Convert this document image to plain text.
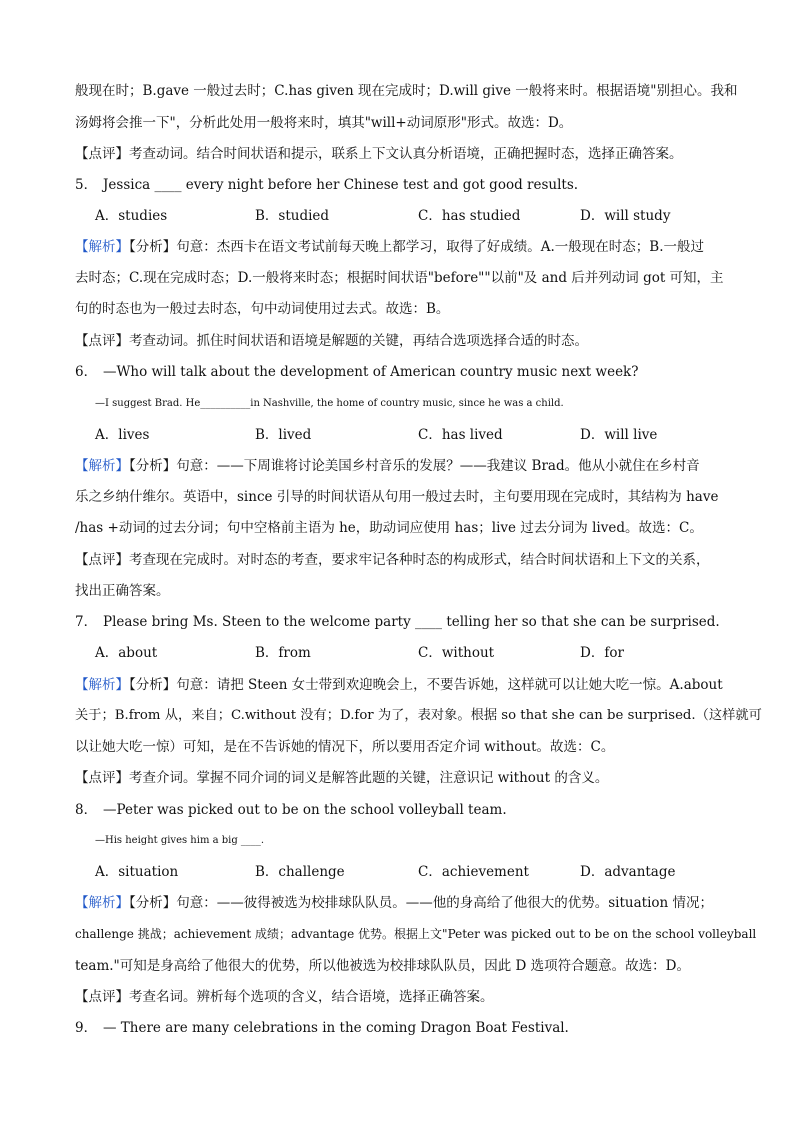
般现在时；B.gave 一般过去时；C.has given 现在完成时；D.will give 一般将来时。根据语境"别担心。我和
汤姆将会推一下"，分析此处用一般将来时，填其"will+动词原形"形式。故选：D。
【点评】考查动词。结合时间状语和提示，联系上下文认真分析语境，正确把握时态，选择正确答案。
5． Jessica ____ every night before her Chinese test and got good results.
A．studies	B．studied	C．has studied	D．will study
【解析】【分析】句意：杰西卡在语文考试前每天晚上都学习，取得了好成绩。A.一般现在时态；B.一般过
去时态；C.现在完成时态；D.一般将来时态；根据时间状语"before""以前"及 and 后并列动词 got 可知，主
句的时态也为一般过去时态，句中动词使用过去式。故选：B。
【点评】考查动词。抓住时间状语和语境是解题的关键，再结合选项选择合适的时态。
6． —Who will talk about the development of American country music next week?
—I suggest Brad. He__________in Nashville, the home of country music, since he was a child.
A．lives	B．lived	C．has lived	D．will live
【解析】【分析】句意：——下周谁将讨论美国乡村音乐的发展？——我建议 Brad。他从小就住在乡村音
乐之乡纳什维尔。英语中，since 引导的时间状语从句用一般过去时，主句要用现在完成时，其结构为 have
/has +动词的过去分词；句中空格前主语为 he，助动词应使用 has；live 过去分词为 lived。故选：C。
【点评】考查现在完成时。对时态的考查，要求牢记各种时态的构成形式，结合时间状语和上下文的关系，
找出正确答案。
7． Please bring Ms. Steen to the welcome party ____ telling her so that she can be surprised.
A．about	B．from	C．without	D．for
【解析】【分析】句意：请把 Steen 女士带到欢迎晚会上，不要告诉她，这样就可以让她大吃一惊。A.about
关于；B.from 从，来自；C.without 没有；D.for 为了，表对象。根据 so that she can be surprised.（这样就可
以让她大吃一惊）可知，是在不告诉她的情况下，所以要用否定介词 without。故选：C。
【点评】考查介词。掌握不同介词的词义是解答此题的关键，注意识记 without 的含义。
8． —Peter was picked out to be on the school volleyball team.
—His height gives him a big ____.
A．situation	B．challenge	C．achievement	D．advantage
【解析】【分析】句意：——彼得被选为校排球队队员。——他的身高给了他很大的优势。situation 情况；
challenge 挑战；achievement 成绩；advantage 优势。根据上文"Peter was picked out to be on the school volleyball
team."可知是身高给了他很大的优势，所以他被选为校排球队队员，因此 D 选项符合题意。故选：D。
【点评】考查名词。辨析每个选项的含义，结合语境，选择正确答案。
9． — There are many celebrations in the coming Dragon Boat Festival.
